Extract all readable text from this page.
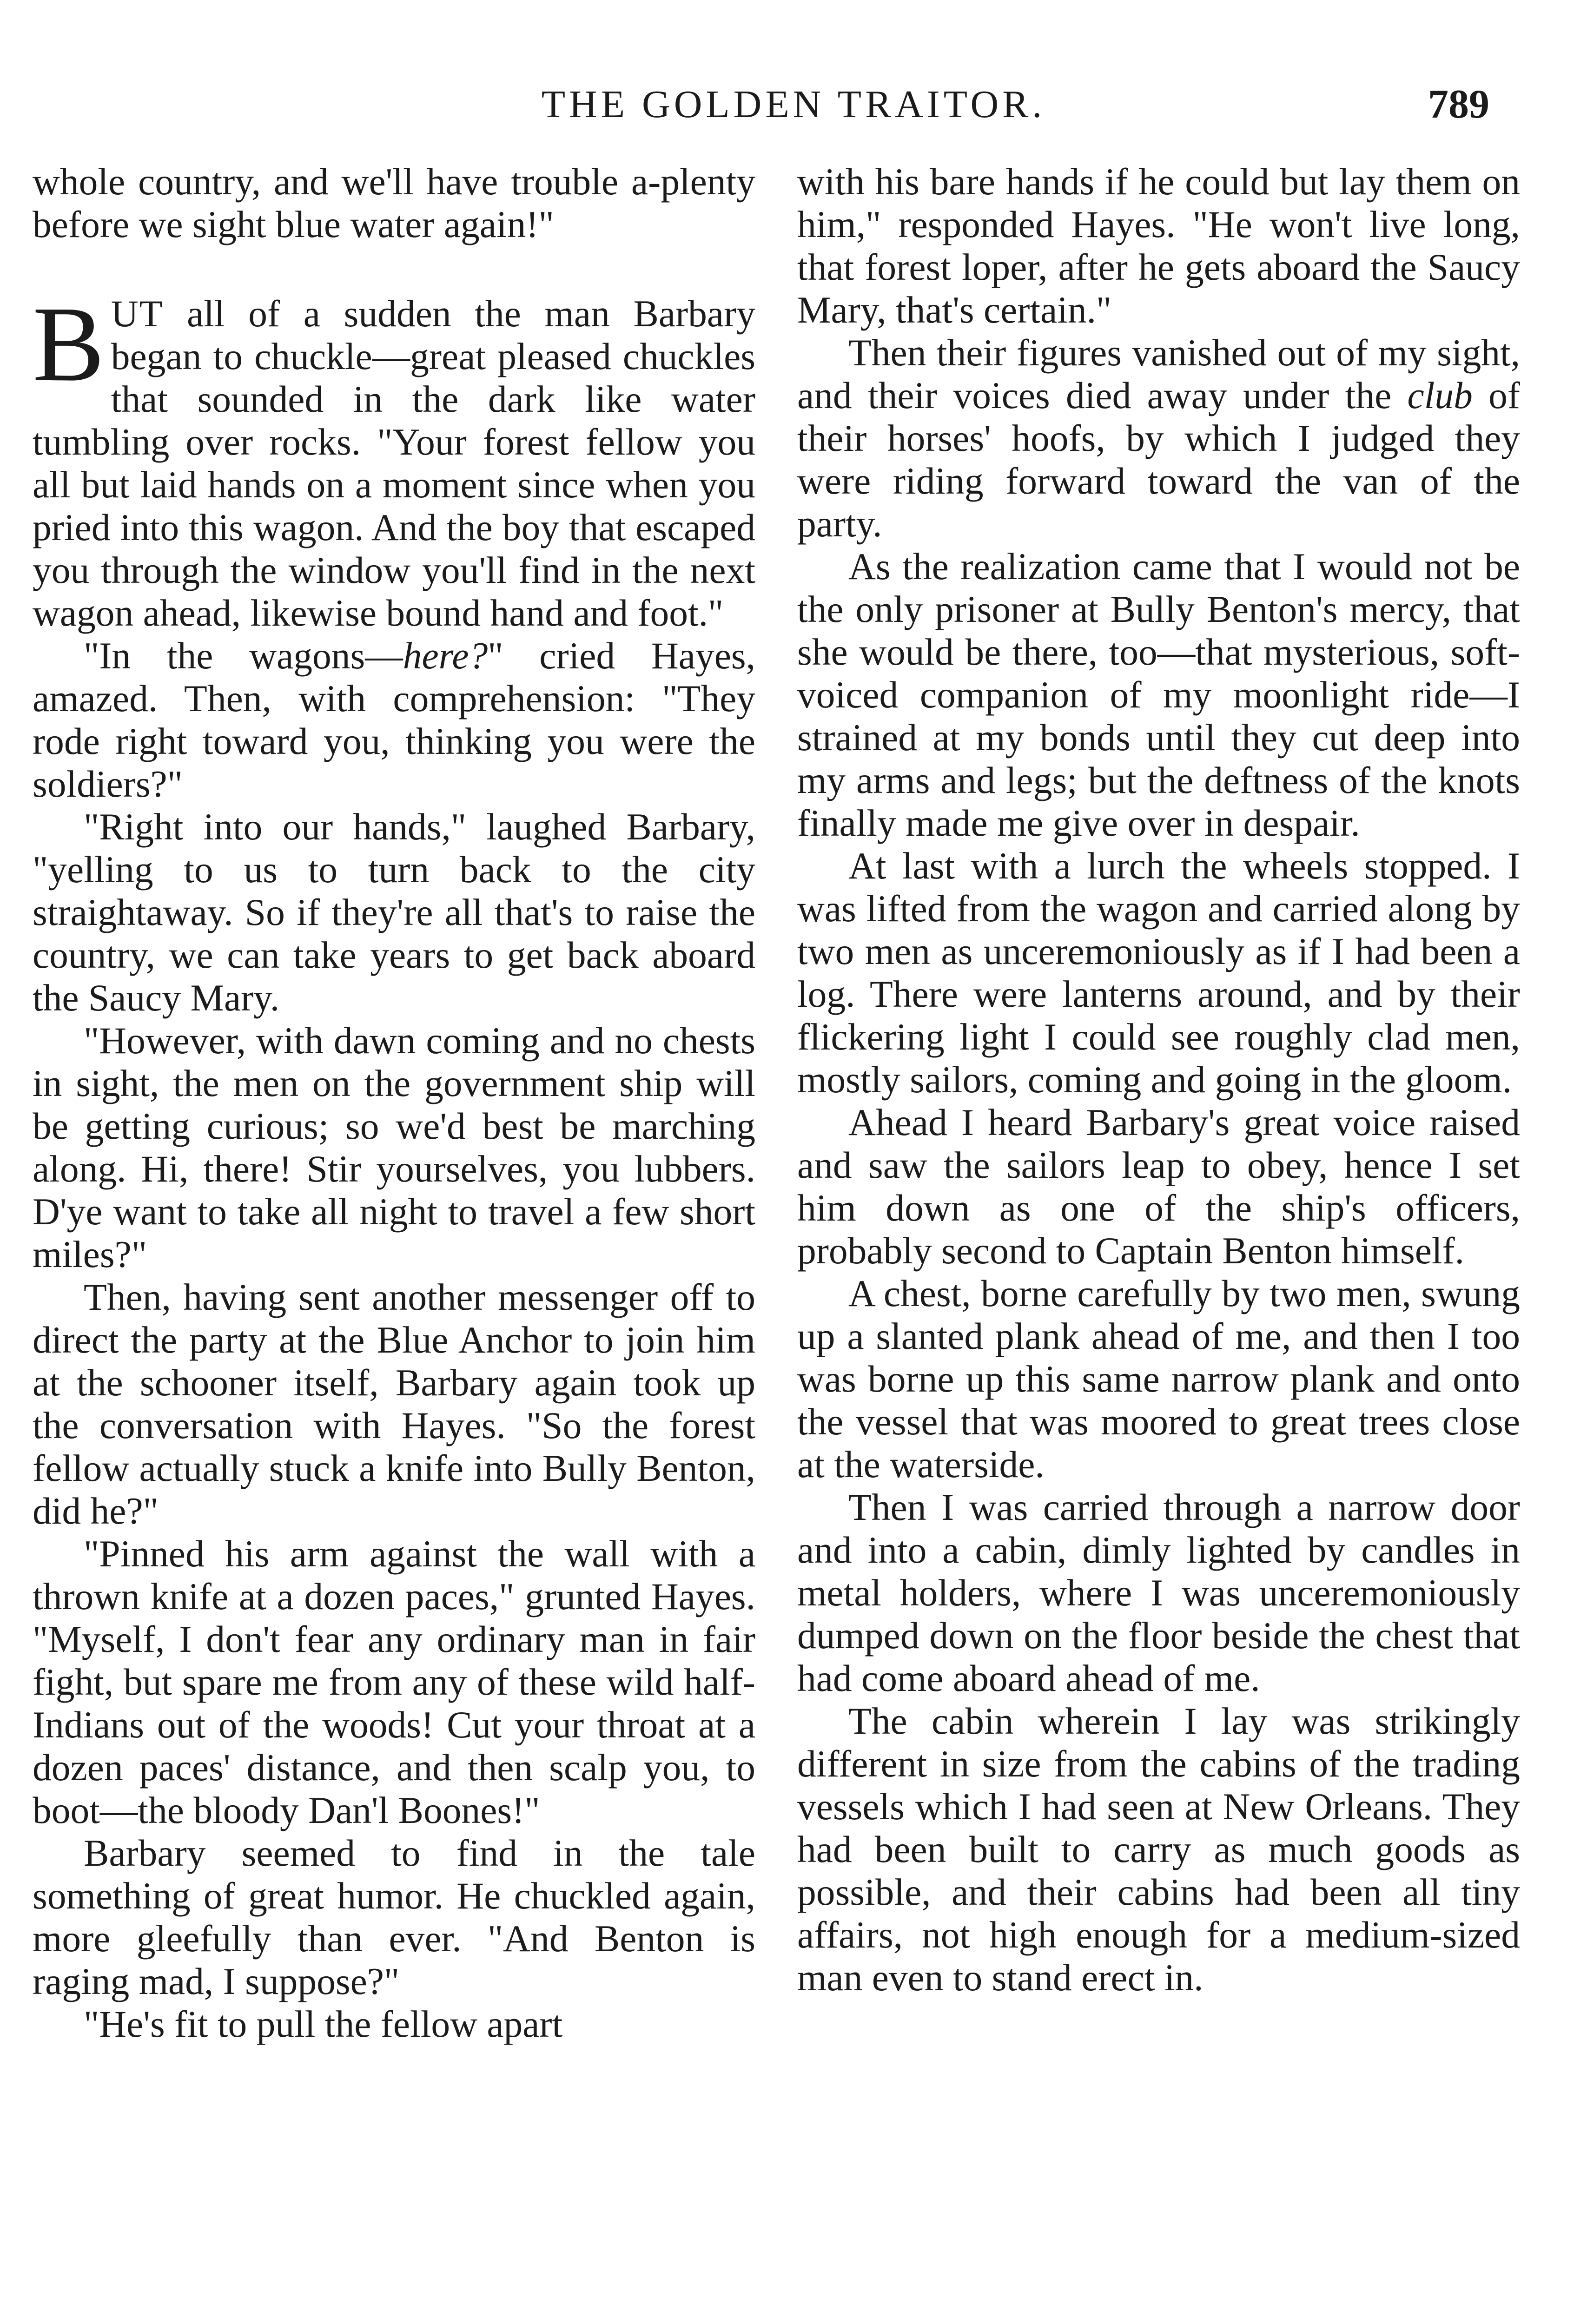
THE GOLDEN TRAITOR.	789

whole country, and we'll have trouble a-plenty before we sight blue water again!"

BUT all of a sudden the man Barbary began to chuckle—great pleased chuckles that sounded in the dark like water tumbling over rocks. "Your forest fellow you all but laid hands on a moment since when you pried into this wagon. And the boy that escaped you through the window you'll find in the next wagon ahead, likewise bound hand and foot."

"In the wagons—here?" cried Hayes, amazed. Then, with comprehension: "They rode right toward you, thinking you were the soldiers?"

"Right into our hands," laughed Barbary, "yelling to us to turn back to the city straightaway. So if they're all that's to raise the country, we can take years to get back aboard the Saucy Mary.

"However, with dawn coming and no chests in sight, the men on the government ship will be getting curious; so we'd best be marching along. Hi, there! Stir yourselves, you lubbers. D'ye want to take all night to travel a few short miles?"

Then, having sent another messenger off to direct the party at the Blue Anchor to join him at the schooner itself, Barbary again took up the conversation with Hayes. "So the forest fellow actually stuck a knife into Bully Benton, did he?"

"Pinned his arm against the wall with a thrown knife at a dozen paces," grunted Hayes. "Myself, I don't fear any ordinary man in fair fight, but spare me from any of these wild half-Indians out of the woods! Cut your throat at a dozen paces' distance, and then scalp you, to boot—the bloody Dan'l Boones!"

Barbary seemed to find in the tale something of great humor. He chuckled again, more gleefully than ever. "And Benton is raging mad, I suppose?"

"He's fit to pull the fellow apart

with his bare hands if he could but lay them on him," responded Hayes. "He won't live long, that forest loper, after he gets aboard the Saucy Mary, that's certain."

Then their figures vanished out of my sight, and their voices died away under the club of their horses' hoofs, by which I judged they were riding forward toward the van of the party.

As the realization came that I would not be the only prisoner at Bully Benton's mercy, that she would be there, too—that mysterious, soft-voiced companion of my moonlight ride—I strained at my bonds until they cut deep into my arms and legs; but the deftness of the knots finally made me give over in despair.

At last with a lurch the wheels stopped. I was lifted from the wagon and carried along by two men as unceremoniously as if I had been a log. There were lanterns around, and by their flickering light I could see roughly clad men, mostly sailors, coming and going in the gloom.

Ahead I heard Barbary's great voice raised and saw the sailors leap to obey, hence I set him down as one of the ship's officers, probably second to Captain Benton himself.

A chest, borne carefully by two men, swung up a slanted plank ahead of me, and then I too was borne up this same narrow plank and onto the vessel that was moored to great trees close at the waterside.

Then I was carried through a narrow door and into a cabin, dimly lighted by candles in metal holders, where I was unceremoniously dumped down on the floor beside the chest that had come aboard ahead of me.

The cabin wherein I lay was strikingly different in size from the cabins of the trading vessels which I had seen at New Orleans. They had been built to carry as much goods as possible, and their cabins had been all tiny affairs, not high enough for a medium-sized man even to stand erect in.
